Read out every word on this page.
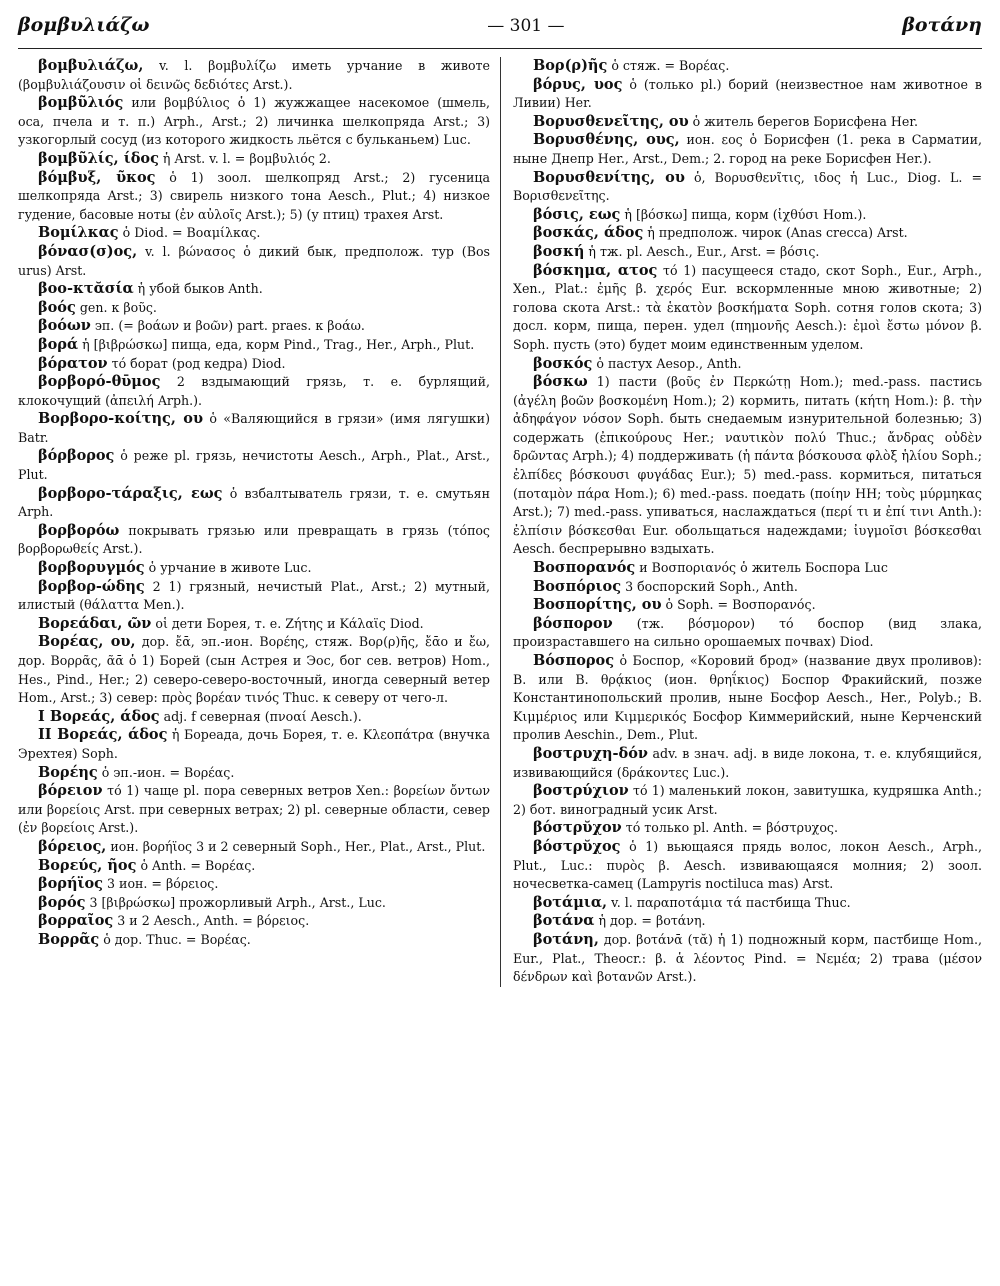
βομβυλιάζω	— 301 —	βοτάνη

βομβυλιάζω, v. l. βομβυλίζω иметь урчание в животе (βομβυλιάζουσιν οἱ δεινῶς δεδιότες Arst.).

βομβῦλιός или βομβύλιος ὁ 1) жужжащее насекомое (шмель, оса, пчела и т. п.) Arph., Arst.; 2) личинка шелкопряда Arst.; 3) узкогорлый сосуд (из которого жидкость льётся с бульканьем) Luc.

βομβῦλίς, ίδος ἡ Arst. v. l. = βομβυλιός 2.

βόμβυξ, ῦκος ὁ 1) зоол. шелкопряд Arst.; 2) гусеница шелкопряда Arst.; 3) свирель низкого тона Aesch., Plut.; 4) низкое гудение, басовые ноты (ἐν αὐλοῖς Arst.); 5) (у птиц) трахея Arst.

Βομίλκας ὁ Diod. = Βοαμίλκας.

βόνασ(σ)ος, v. l. βώνασος ὁ дикий бык, предполож. тур (Bos urus) Arst.

βοο-κτᾰσία ἡ убой быков Anth.

βοός gen. к βοῦς.

βοόων эп. (= βοάων и βοῶν) part. praes. к βοάω.

βορά ἡ [βιβρώσκω] пища, еда, корм Pind., Trag., Her., Arph., Plut.

βόρατον τό борат (род кедра) Diod.

βορβορό-θῡμος 2 вздымающий грязь, т. е. бурлящий, клокочущий (ἀπειλή Arph.).

Βορβορο-κοίτης, ου ὁ «Валяющийся в грязи» (имя лягушки) Batr.

βόρβορος ὁ реже pl. грязь, нечистоты Aesch., Arph., Plat., Arst., Plut.

βορβορο-τάραξις, εως ὁ взбалтыватель грязи, т. е. смутьян Arph.

βορβορόω покрывать грязью или превращать в грязь (τόπος βορβορωθείς Arst.).

βορβορυγμός ὁ урчание в животе Luc.

βορβορ-ώδης 2 1) грязный, нечистый Plat., Arst.; 2) мутный, илистый (θάλαττα Men.).

Βορεάδαι, ῶν οἱ дети Борея, т. е. Ζήτης и Κάλαϊς Diod.

Βορέας, ου, дор. ἔᾱ, эп.-ион. Βορέης, стяж. Βορ(ρ)ῆς, ἔᾱο и ἔω, дор. Βορρᾶς, ᾶᾱ ὁ 1) Борей (сын Астрея и Эос, бог сев. ветров) Hom., Hes., Pind., Her.; 2) северо-северо-восточный, иногда северный ветер Hom., Arst.; 3) север: πρὸς βορέαν τινός Thuc. к северу от чего-л.

I Βορεάς, άδος adj. f северная (πνοαί Aesch.).

II Βορεάς, άδος ἡ Бореада, дочь Борея, т. е. Κλεοπάτρα (внучка Эрехтея) Soph.

Βορέης ὁ эп.-ион. = Βορέας.

βόρειον τό 1) чаще pl. пора северных ветров Xen.: βορείων ὄντων или βορείοις Arst. при северных ветрах; 2) pl. северные области, север (ἐν βορείοις Arst.).

βόρειος, ион. βορήϊος 3 и 2 северный Soph., Her., Plat., Arst., Plut.

Βορεύς, ῆος ὁ Anth. = Βορέας.

βορήϊος 3 ион. = βόρειος.

βορός 3 [βιβρώσκω] прожорливый Arph., Arst., Luc.

βορραῖος 3 и 2 Aesch., Anth. = βόρειος.

Βορρᾶς ὁ дор. Thuc. = Βορέας.

Βορ(ρ)ῆς ὁ стяж. = Βορέας.

βόρυς, υος ὁ (только pl.) борий (неизвестное нам животное в Ливии) Her.

Βορυσθενεῖτης, ου ὁ житель берегов Борисфена Her.

Βορυσθένης, ους, ион. εος ὁ Борисфен (1. река в Сарматии, ныне Днепр Her., Arst., Dem.; 2. город на реке Борисфен Her.).

Βορυσθενίτης, ου ὁ, Βορυσθενῖτις, ιδος ἡ Luc., Diog. L. = Βορισθενεῖτης.

βόσις, εως ἡ [βόσκω] пища, корм (ἰχθύσι Hom.).

βοσκάς, άδος ἡ предполож. чирок (Anas crecca) Arst.

βοσκή ἡ тж. pl. Aesch., Eur., Arst. = βόσις.

βόσκημα, ατος τό 1) пасущееся стадо, скот Soph., Eur., Arph., Xen., Plat.: ἐμῆς β. χερός Eur. вскормленные мною животные; 2) голова скота Arst.: τὰ ἑκατὸν βοσκήματα Soph. сотня голов скота; 3) досл. корм, пища, перен. удел (πημονῆς Aesch.): ἐμοὶ ἔστω μόνον β. Soph. пусть (это) будет моим единственным уделом.

βοσκός ὁ пастух Aesop., Anth.

βόσκω 1) пасти (βοῦς ἐν Περκώτῃ Hom.); med.-pass. пастись (ἀγέλη βοῶν βοσκομένη Hom.); 2) кормить, питать (κήτη Hom.): β. τὴν ἀδηφάγον νόσον Soph. быть снедаемым изнурительной болезнью; 3) содержать (ἐπικούρους Her.; ναυτικὸν πολύ Thuc.; ἄνδρας οὐδὲν δρῶντας Arph.); 4) поддерживать (ἡ πάντα βόσκουσα φλὸξ ἡλίου Soph.; ἐλπίδες βόσκουσι φυγάδας Eur.); 5) med.-pass. кормиться, питаться (ποταμὸν πάρα Hom.); 6) med.-pass. поедать (ποίην HH; τοὺς μύρμηκας Arst.); 7) med.-pass. упиваться, наслаждаться (περί τι и ἐπί τινι Anth.): ἐλπίσιν βόσκεσθαι Eur. обольщаться надеждами; ἰυγμοῖσι βόσκεσθαι Aesch. беспрерывно вздыхать.

Βοσπορανός и Βοσποριανός ὁ житель Боспора Luc

Βοσπόριος 3 боспорский Soph., Anth.

Βοσπορίτης, ου ὁ Soph. = Βοσπορανός.

βόσπορον (тж. βόσμορον) τό боспор (вид злака, произраставшего на сильно орошаемых почвах) Diod.

Βόσπορος ὁ Боспор, «Коровий брод» (название двух проливов): Β. или Β. θρᾴκιος (ион. θρηΐκιος) Боспор Фракийский, позже Константинопольский пролив, ныне Босфор Aesch., Her., Polyb.; Β. Κιμμέριος или Κιμμερικός Босфор Киммерийский, ныне Керченский пролив Aeschin., Dem., Plut.

βοστρυχη-δόν adv. в знач. adj. в виде локона, т. е. клубящийся, извивающийся (δράκοντες Luc.).

βοστρύχιον τό 1) маленький локон, завитушка, кудряшка Anth.; 2) бот. виноградный усик Arst.

βόστρῠχον τό только pl. Anth. = βόστρυχος.

βόστρῠχος ὁ 1) вьющаяся прядь волос, локон Aesch., Arph., Plut., Luc.: πυρὸς β. Aesch. извивающаяся молния; 2) зоол. ночесветка-самец (Lampyris noctiluca mas) Arst.

βοτάμια, v. l. παραποτάμια τά пастбища Thuc.

βοτάνα ἡ дор. = βοτάνη.

βοτάνη, дор. βοτάνᾱ (τᾰ) ἡ 1) подножный корм, пастбище Hom., Eur., Plat., Theocr.: β. ἁ λέοντος Pind. = Νεμέα; 2) трава (μέσον δένδρων καὶ βοτανῶν Arst.).
